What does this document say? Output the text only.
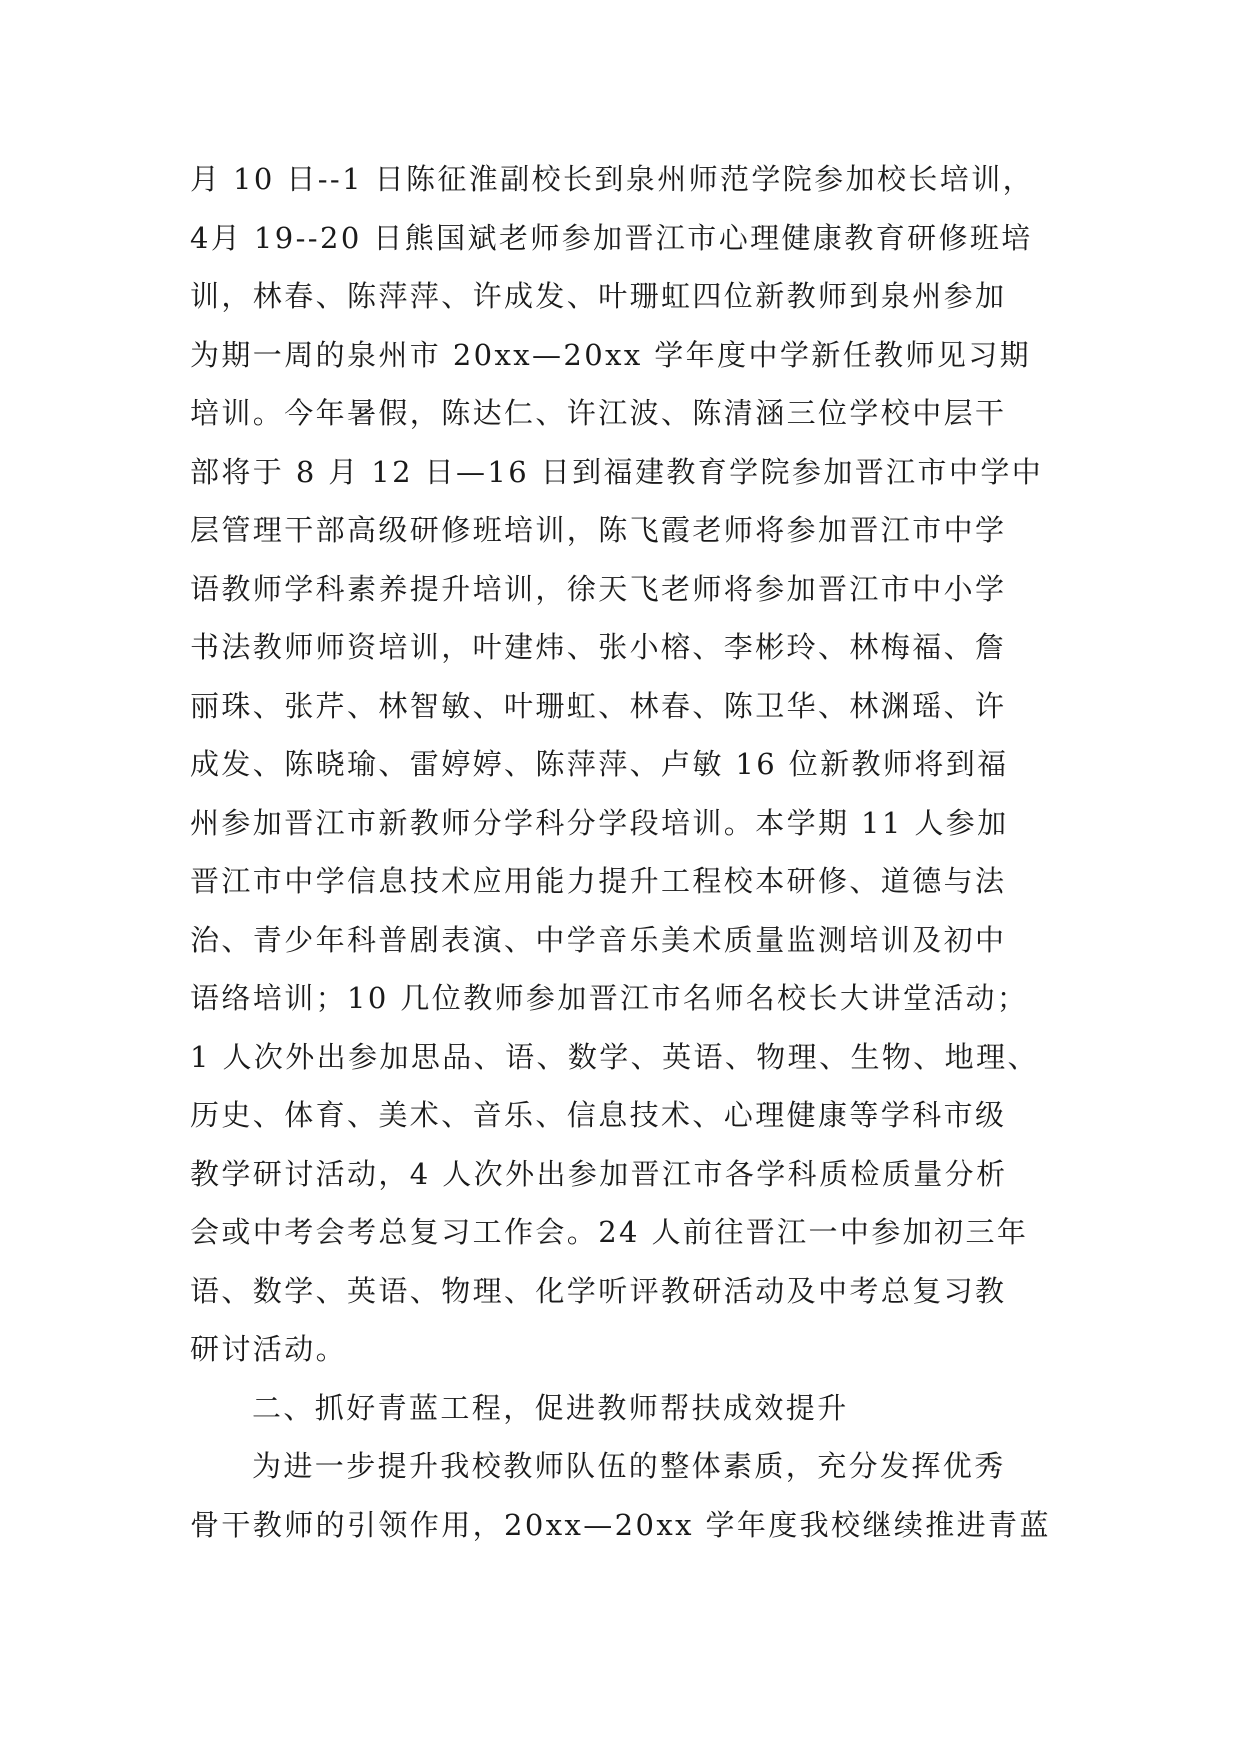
月 10 日--1 日陈征淮副校长到泉州师范学院参加校长培训，
4月 19--20 日熊国斌老师参加晋江市心理健康教育研修班培
训，林春、陈萍萍、许成发、叶珊虹四位新教师到泉州参加
为期一周的泉州市 20xx—20xx 学年度中学新任教师见习期
培训。今年暑假，陈达仁、许江波、陈清涵三位学校中层干
部将于 8 月 12 日—16 日到福建教育学院参加晋江市中学中
层管理干部高级研修班培训，陈飞霞老师将参加晋江市中学
语教师学科素养提升培训，徐天飞老师将参加晋江市中小学
书法教师师资培训，叶建炜、张小榕、李彬玲、林梅福、詹
丽珠、张芹、林智敏、叶珊虹、林春、陈卫华、林渊瑶、许
成发、陈晓瑜、雷婷婷、陈萍萍、卢敏 16 位新教师将到福
州参加晋江市新教师分学科分学段培训。本学期 11 人参加
晋江市中学信息技术应用能力提升工程校本研修、道德与法
治、青少年科普剧表演、中学音乐美术质量监测培训及初中
语络培训；10 几位教师参加晋江市名师名校长大讲堂活动；
1 人次外出参加思品、语、数学、英语、物理、生物、地理、
历史、体育、美术、音乐、信息技术、心理健康等学科市级
教学研讨活动，4 人次外出参加晋江市各学科质检质量分析
会或中考会考总复习工作会。24 人前往晋江一中参加初三年
语、数学、英语、物理、化学听评教研活动及中考总复习教
研讨活动。
二、抓好青蓝工程，促进教师帮扶成效提升
为进一步提升我校教师队伍的整体素质，充分发挥优秀
骨干教师的引领作用，20xx—20xx 学年度我校继续推进青蓝
